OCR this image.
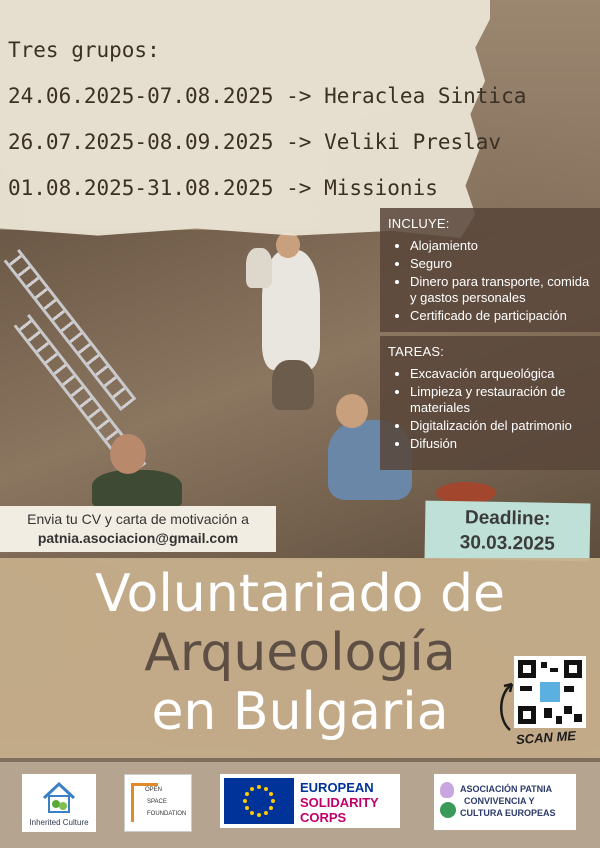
Tres grupos:
24.06.2025-07.08.2025 -> Heraclea Sintica
26.07.2025-08.09.2025 -> Veliki Preslav
01.08.2025-31.08.2025 -> Missionis
INCLUYE:
• Alojamiento
• Seguro
• Dinero para transporte, comida y gastos personales
• Certificado de participación
TAREAS:
• Excavación arqueológica
• Limpieza y restauración de materiales
• Digitalización del patrimonio
• Difusión
Envia tu CV y carta de motivación a
patnia.asociacion@gmail.com
Deadline:
30.03.2025
Voluntariado de
Arqueología
en Bulgaria	SCAN ME
Inherited Culture
OPEN
SPACE
FOUNDATION
EUROPEAN
SOLIDARITY
CORPS
ASOCIACIÓN PATNIA
CONVIVENCIA Y
CULTURA EUROPEAS
